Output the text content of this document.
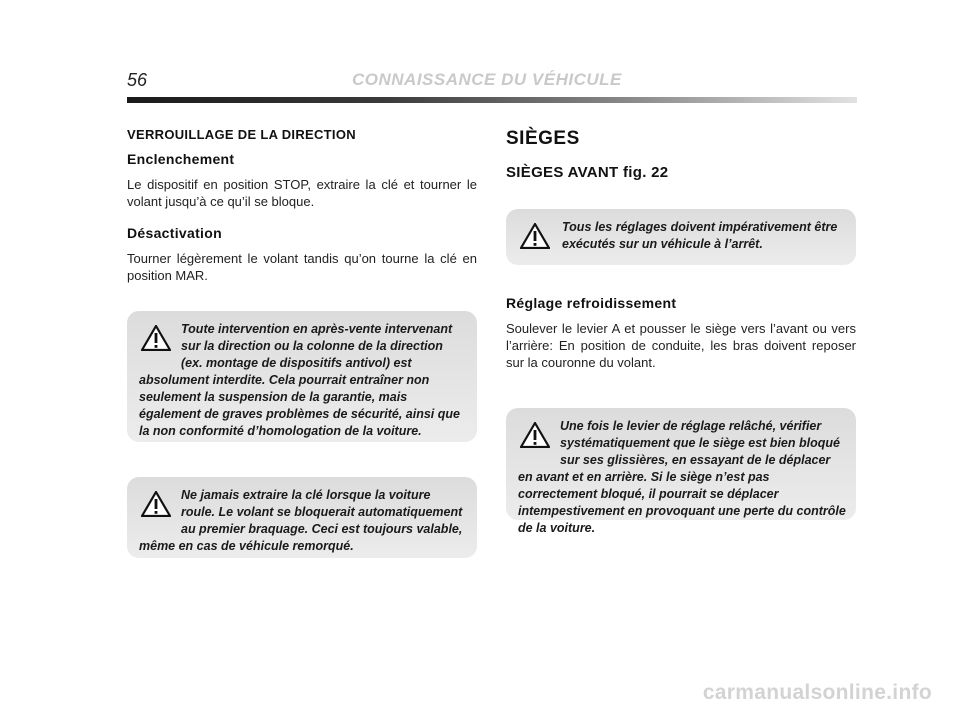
56	CONNAISSANCE DU VÉHICULE
VERROUILLAGE DE LA DIRECTION
Enclenchement

Le dispositif en position STOP, extraire la clé et tourner le volant jusqu’à ce qu’il se bloque.

Désactivation

Tourner légèrement le volant tandis qu’on tourne la clé en position MAR.

Toute intervention en après-vente intervenant sur la direction ou la colonne de la direction (ex. montage de dispositifs antivol) est absolument interdite. Cela pourrait entraîner non seulement la suspension de la garantie, mais également de graves problèmes de sécurité, ainsi que la non conformité d’homologation de la voiture.

Ne jamais extraire la clé lorsque la voiture roule. Le volant se bloquerait automatiquement au premier braquage. Ceci est toujours valable, même en cas de véhicule remorqué.

SIÈGES
SIÈGES AVANT fig. 22

Tous les réglages doivent impérativement être exécutés sur un véhicule à l’arrêt.

Réglage refroidissement

Soulever le levier A et pousser le siège vers l’avant ou vers l’arrière: En position de conduite, les bras doivent reposer sur la couronne du volant.

Une fois le levier de réglage relâché, vérifier systématiquement que le siège est bien bloqué sur ses glissières, en essayant de le déplacer en avant et en arrière. Si le siège n’est pas correctement bloqué, il pourrait se déplacer intempestivement en provoquant une perte du contrôle de la voiture.

carmanualsonline.info
